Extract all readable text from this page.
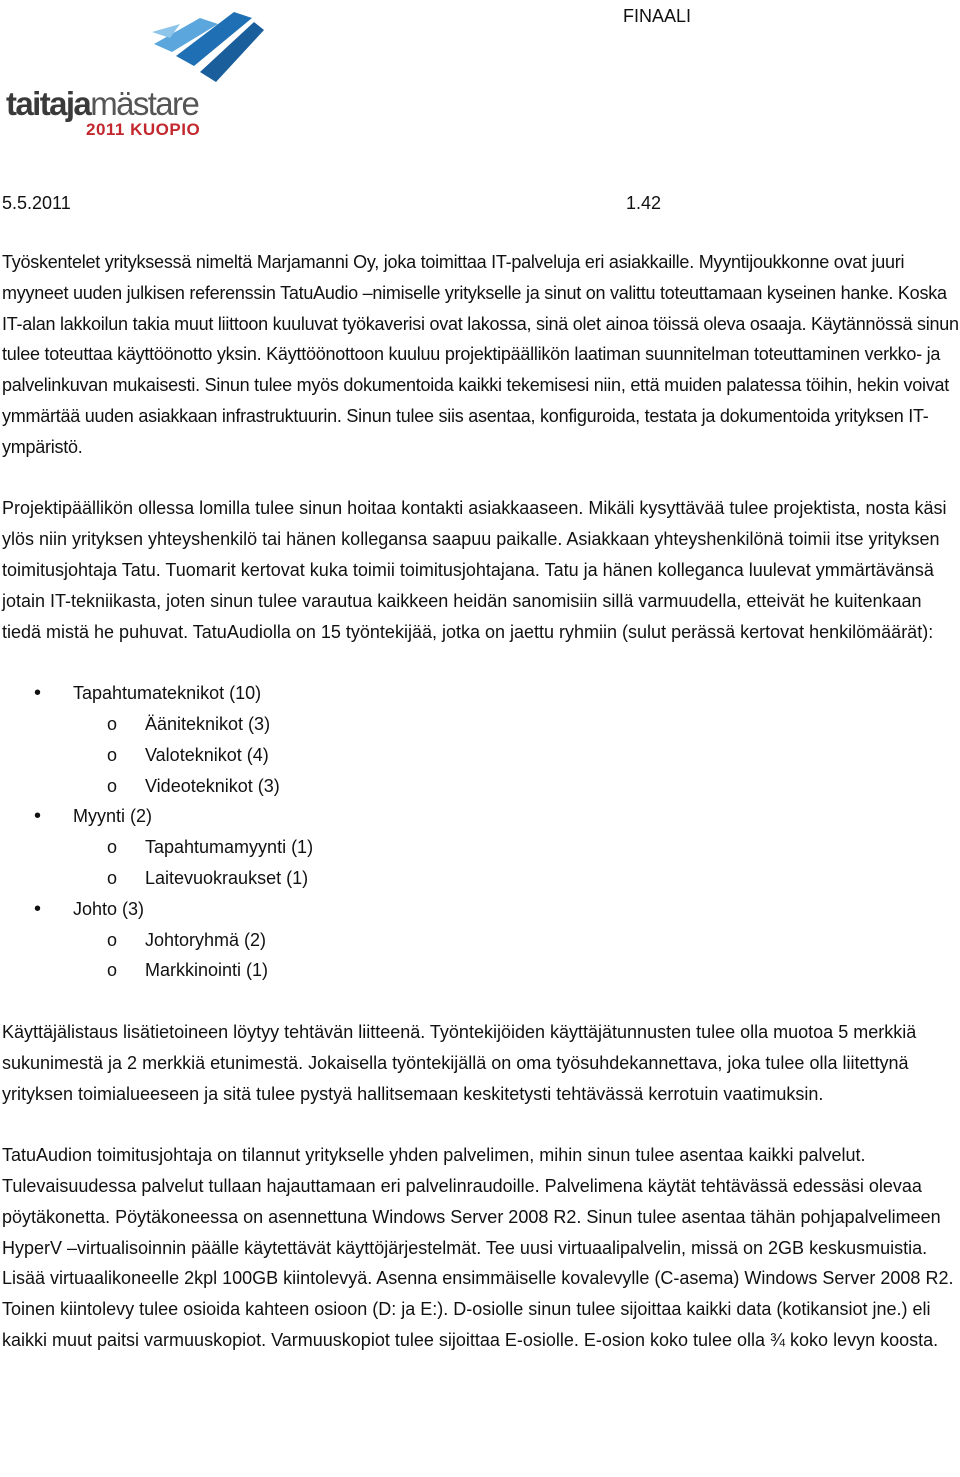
FINAALI
taitajamästare
2011 KUOPIO
5.5.2011	1.42

Työskentelet yrityksessä nimeltä Marjamanni Oy, joka toimittaa IT-palveluja eri asiakkaille. Myyntijoukkonne ovat juuri myyneet uuden julkisen referenssin TatuAudio –nimiselle yritykselle ja sinut on valittu toteuttamaan kyseinen hanke. Koska IT-alan lakkoilun takia muut liittoon kuuluvat työkaverisi ovat lakossa, sinä olet ainoa töissä oleva osaaja. Käytännössä sinun tulee toteuttaa käyttöönotto yksin. Käyttöönottoon kuuluu projektipäällikön laatiman suunnitelman toteuttaminen verkko- ja palvelinkuvan mukaisesti. Sinun tulee myös dokumentoida kaikki tekemisesi niin, että muiden palatessa töihin, hekin voivat ymmärtää uuden asiakkaan infrastruktuurin. Sinun tulee siis asentaa, konfiguroida, testata ja dokumentoida yrityksen IT-ympäristö.

Projektipäällikön ollessa lomilla tulee sinun hoitaa kontakti asiakkaaseen. Mikäli kysyttävää tulee projektista, nosta käsi ylös niin yrityksen yhteyshenkilö tai hänen kollegansa saapuu paikalle. Asiakkaan yhteyshenkilönä toimii itse yrityksen toimitusjohtaja Tatu. Tuomarit kertovat kuka toimii toimitusjohtajana. Tatu ja hänen kolleganса luulevat ymmärtävänsä jotain IT-tekniikasta, joten sinun tulee varautua kaikkeen heidän sanomisiin sillä varmuudella, etteivät he kuitenkaan tiedä mistä he puhuvat. TatuAudiolla on 15 työntekijää, jotka on jaettu ryhmiin (sulut perässä kertovat henkilömäärät):

• Tapahtumateknikot (10)
o Ääniteknikot (3)
o Valoteknikot (4)
o Videoteknikot (3)
• Myynti (2)
o Tapahtumamyynti (1)
o Laitevuokraukset (1)
• Johto (3)
o Johtoryhmä (2)
o Markkinointi (1)

Käyttäjälistaus lisätietoineen löytyy tehtävän liitteenä. Työntekijöiden käyttäjätunnusten tulee olla muotoa 5 merkkiä sukunimestä ja 2 merkkiä etunimestä. Jokaisella työntekijällä on oma työsuhdekannettava, joka tulee olla liitettynä yrityksen toimialueeseen ja sitä tulee pystyä hallitsemaan keskitetysti tehtävässä kerrotuin vaatimuksin.

TatuAudion toimitusjohtaja on tilannut yritykselle yhden palvelimen, mihin sinun tulee asentaa kaikki palvelut. Tulevaisuudessa palvelut tullaan hajauttamaan eri palvelinraudoille. Palvelimena käytät tehtävässä edessäsi olevaa pöytäkonetta. Pöytäkoneessa on asennettuna Windows Server 2008 R2. Sinun tulee asentaa tähän pohjapalvelimeen HyperV –virtualisoinnin päälle käytettävät käyttöjärjestelmät. Tee uusi virtuaalipalvelin, missä on 2GB keskusmuistia. Lisää virtuaalikoneelle 2kpl 100GB kiintolevyä. Asenna ensimmäiselle kovalevylle (C-asema) Windows Server 2008 R2. Toinen kiintolevy tulee osioida kahteen osioon (D: ja E:). D-osiolle sinun tulee sijoittaa kaikki data (kotikansiot jne.) eli kaikki muut paitsi varmuuskopiot. Varmuuskopiot tulee sijoittaa E-osiolle. E-osion koko tulee olla ¾ koko levyn koosta.
